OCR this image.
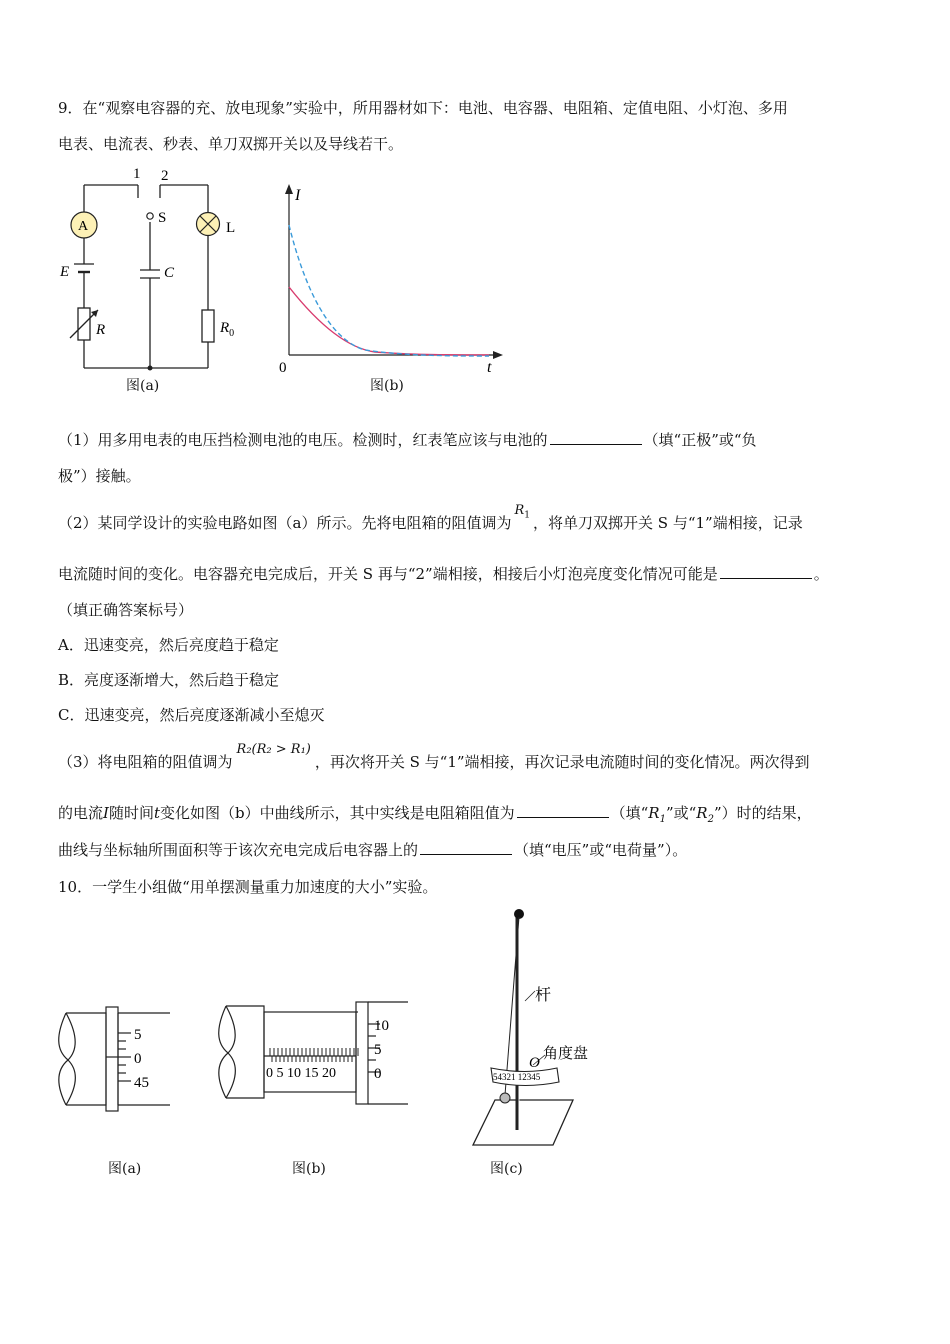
9．在“观察电容器的充、放电现象”实验中，所用器材如下：电池、电容器、电阻箱、定值电阻、小灯泡、多用
电表、电流表、秒表、单刀双掷开关以及导线若干。
1 2
S
A	L
E	C
R	$R_0$
图(a)
I
t
0
图(b)
（1）用多用电表的电压挡检测电池的电压。检测时，红表笔应该与电池的	（填“正极”或“负
极”）接触。
（2）某同学设计的实验电路如图（a）所示。先将电阻箱的阻值调为$R_1$ ，将单刀双掷开关 S 与“1”端相接，记录
电流随时间的变化。电容器充电完成后，开关 S 再与“2”端相接，相接后小灯泡亮度变化情况可能是	。
（填正确答案标号）
A．迅速变亮，然后亮度趋于稳定
B．亮度逐渐增大，然后趋于稳定
C．迅速变亮，然后亮度逐渐减小至熄灭
（3）将电阻箱的阻值调为R₂(R₂ > R₁)，再次将开关 S 与“1”端相接，再次记录电流随时间的变化情况。两次得到
的电流I随时间t变化如图（b）中曲线所示，其中实线是电阻箱阻值为	（填“$R_1$”或“$R_2$”）时的结果，
曲线与坐标轴所围面积等于该次充电完成后电容器上的	（填“电压”或“电荷量”）。
10．一学生小组做“用单摆测量重力加速度的大小”实验。
5
0
45
图(a)
10
5
0
0 5 10 15 20
图(b)
54321 12345
杆
O
角度盘
图(c)
